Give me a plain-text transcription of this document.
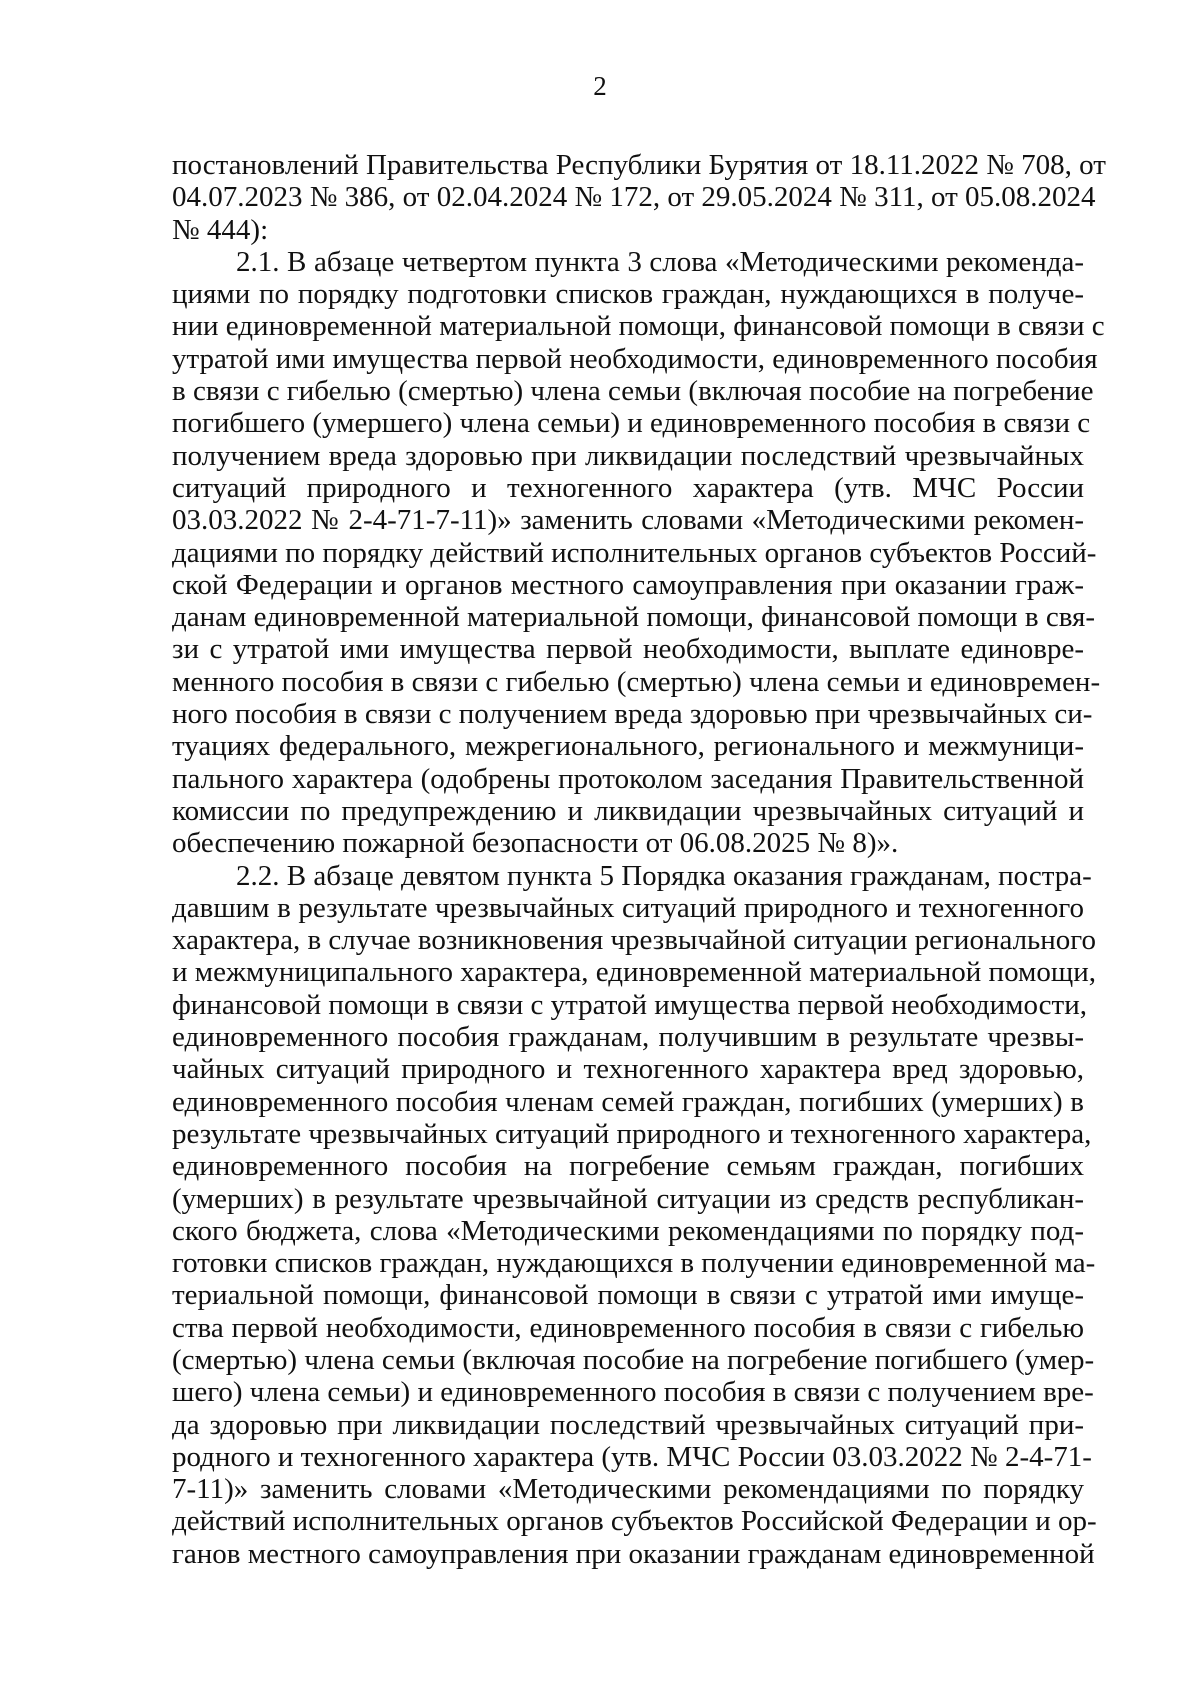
2
постановлений Правительства Республики Бурятия от 18.11.2022 № 708, от
04.07.2023 № 386, от 02.04.2024 № 172, от 29.05.2024 № 311, от 05.08.2024
№ 444):
2.1. В абзаце четвертом пункта 3 слова «Методическими рекоменда-
циями по порядку подготовки списков граждан, нуждающихся в получе-
нии единовременной материальной помощи, финансовой помощи в связи с
утратой ими имущества первой необходимости, единовременного пособия
в связи с гибелью (смертью) члена семьи (включая пособие на погребение
погибшего (умершего) члена семьи) и единовременного пособия в связи с
получением вреда здоровью при ликвидации последствий чрезвычайных
ситуаций природного и техногенного характера (утв. МЧС России
03.03.2022 № 2-4-71-7-11)» заменить словами «Методическими рекомен-
дациями по порядку действий исполнительных органов субъектов Россий-
ской Федерации и органов местного самоуправления при оказании граж-
данам единовременной материальной помощи, финансовой помощи в свя-
зи с утратой ими имущества первой необходимости, выплате единовре-
менного пособия в связи с гибелью (смертью) члена семьи и единовремен-
ного пособия в связи с получением вреда здоровью при чрезвычайных си-
туациях федерального, межрегионального, регионального и межмуници-
пального характера (одобрены протоколом заседания Правительственной
комиссии по предупреждению и ликвидации чрезвычайных ситуаций и
обеспечению пожарной безопасности от 06.08.2025 № 8)».
2.2. В абзаце девятом пункта 5 Порядка оказания гражданам, постра-
давшим в результате чрезвычайных ситуаций природного и техногенного
характера, в случае возникновения чрезвычайной ситуации регионального
и межмуниципального характера, единовременной материальной помощи,
финансовой помощи в связи с утратой имущества первой необходимости,
единовременного пособия гражданам, получившим в результате чрезвы-
чайных ситуаций природного и техногенного характера вред здоровью,
единовременного пособия членам семей граждан, погибших (умерших) в
результате чрезвычайных ситуаций природного и техногенного характера,
единовременного пособия на погребение семьям граждан, погибших
(умерших) в результате чрезвычайной ситуации из средств республикан-
ского бюджета, слова «Методическими рекомендациями по порядку под-
готовки списков граждан, нуждающихся в получении единовременной ма-
териальной помощи, финансовой помощи в связи с утратой ими имуще-
ства первой необходимости, единовременного пособия в связи с гибелью
(смертью) члена семьи (включая пособие на погребение погибшего (умер-
шего) члена семьи) и единовременного пособия в связи с получением вре-
да здоровью при ликвидации последствий чрезвычайных ситуаций при-
родного и техногенного характера (утв. МЧС России 03.03.2022 № 2-4-71-
7-11)» заменить словами «Методическими рекомендациями по порядку
действий исполнительных органов субъектов Российской Федерации и ор-
ганов местного самоуправления при оказании гражданам единовременной
